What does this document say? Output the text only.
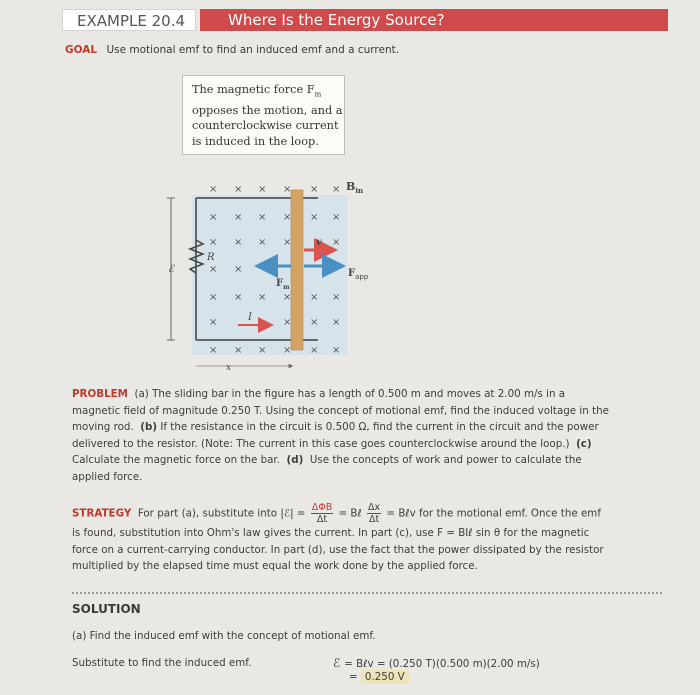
EXAMPLE 20.4	Where Is the Energy Source?
GOAL Use motional emf to find an induced emf and a current.
The magnetic force $F_m$
opposes the motion, and a
counterclockwise current
is induced in the loop.
× × × × × ×
× × × × × ×
× × × ×	×
× ×
× × × × × ×
×	× × ×
× × × × × ×
$B_{in}$
R
ℰ
$F_m$
v
$F_{app}$
I
x
PROBLEM (a) The sliding bar in the figure has a length of 0.500 m and moves at 2.00 m/s in a
magnetic field of magnitude 0.250 T. Using the concept of motional emf, find the induced voltage in the
moving rod. (b) If the resistance in the circuit is 0.500 Ω, find the current in the circuit and the power
delivered to the resistor. (Note: The current in this case goes counterclockwise around the loop.) (c)
Calculate the magnetic force on the bar. (d) Use the concepts of work and power to calculate the
applied force.
STRATEGY For part (a), substitute into |ℰ| = ΔΦB
Δt	= Bℓ $\frac{\Delta x}{\Delta t}$ = Bℓv for the motional emf. Once the emf
is found, substitution into Ohm's law gives the current. In part (c), use F = BIℓ sin θ for the magnetic
force on a current-carrying conductor. In part (d), use the fact that the power dissipated by the resistor
multiplied by the elapsed time must equal the work done by the applied force.
SOLUTION
(a) Find the induced emf with the concept of motional emf.
Substitute to find the induced emf.	ℰ = Bℓv = (0.250 T)(0.500 m)(2.00 m/s)
= 0.250 V
